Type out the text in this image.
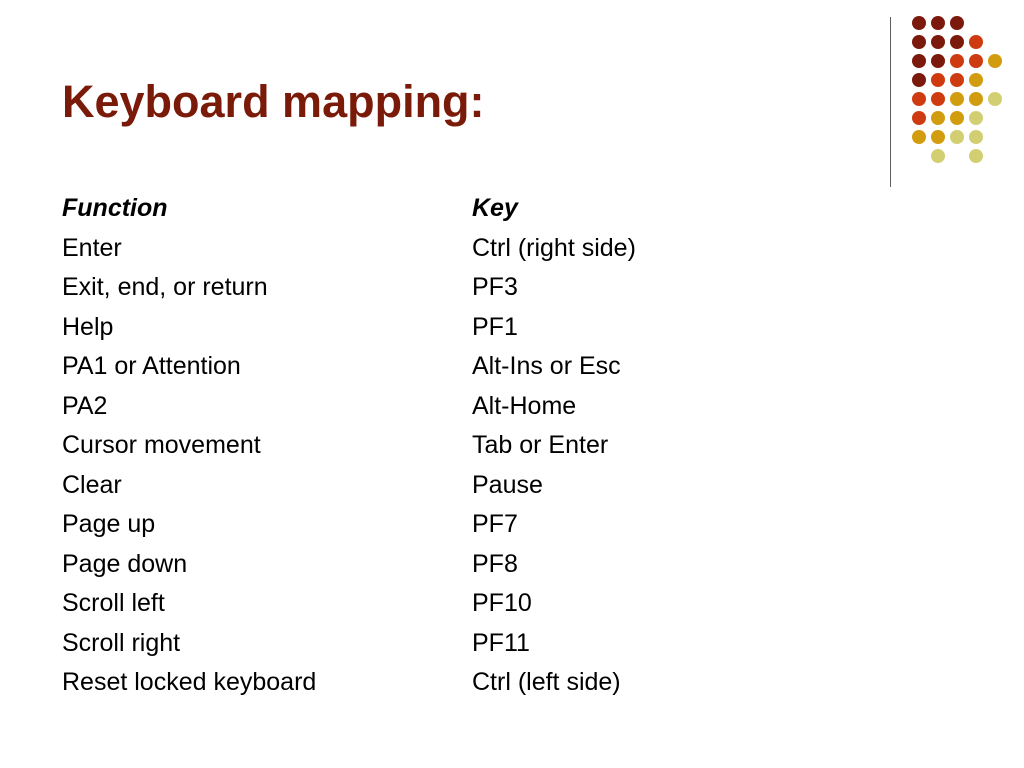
Keyboard mapping:
Function	Key
Enter	Ctrl (right side)
Exit, end, or return	PF3
Help	PF1
PA1 or Attention	Alt-Ins or Esc
PA2	Alt-Home
Cursor movement	Tab or Enter
Clear	Pause
Page up	PF7
Page down	PF8
Scroll left	PF10
Scroll right	PF11
Reset locked keyboard	Ctrl (left side)
